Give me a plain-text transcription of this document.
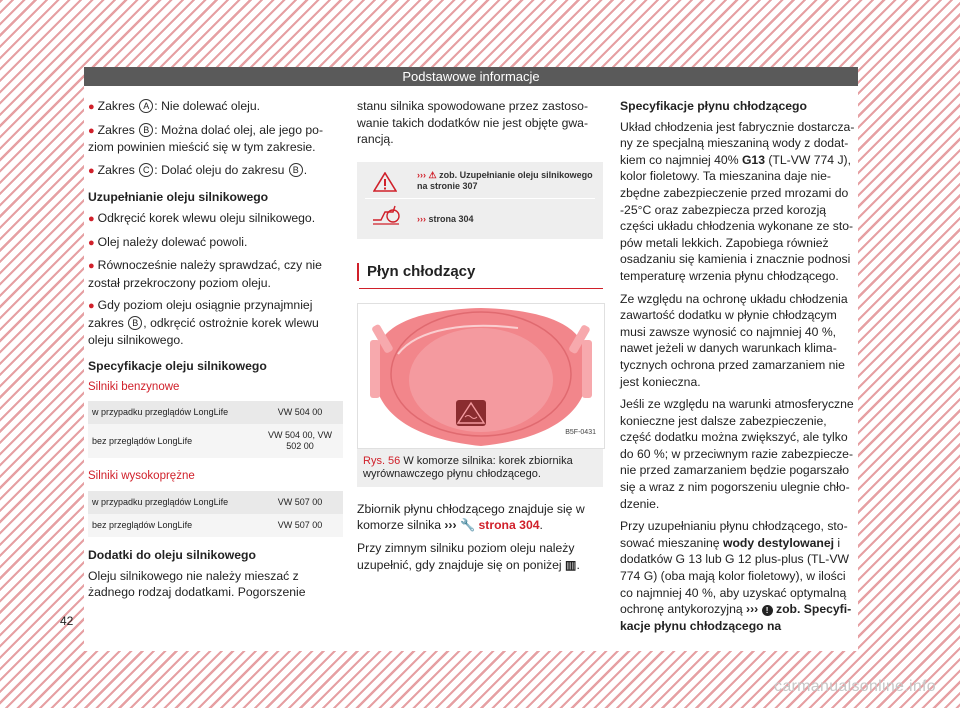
Podstawowe informacje
● Zakres A : Nie dolewać oleju.
● Zakres B : Można dolać olej, ale jego poziom powinien mieścić się w tym zakresie.
● Zakres C : Dolać oleju do zakresu B .
Uzupełnianie oleju silnikowego
● Odkręcić korek wlewu oleju silnikowego.
● Olej należy dolewać powoli.
● Równocześnie należy sprawdzać, czy nie został przekroczony poziom oleju.
● Gdy poziom oleju osiągnie przynajmniej zakres B , odkręcić ostrożnie korek wlewu oleju silnikowego.
Specyfikacje oleju silnikowego
Silniki benzynowe
w przypadku przeglądów LongLife	VW 504 00
bez przeglądów LongLife	VW 504 00, VW 502 00
Silniki wysokoprężne
w przypadku przeglądów LongLife	VW 507 00
bez przeglądów LongLife	VW 507 00
Dodatki do oleju silnikowego

Oleju silnikowego nie należy mieszać z żadnego rodzaj dodatkami. Pogorszenie

stanu silnika spowodowane przez zastosowanie takich dodatków nie jest objęte gwarancją.

››› ⚠ zob. Uzupełnianie oleju silnikowego na stronie 307
››› strona 304
Płyn chłodzący
B5F-0431
Rys. 56 W komorze silnika: korek zbiornika wyrównawczego płynu chłodzącego.

Zbiornik płynu chłodzącego znajduje się w komorze silnika ››› 🔧 strona 304.

Przy zimnym silniku poziom oleju należy uzupełnić, gdy znajduje się on poniżej ▥.

Specyfikacje płynu chłodzącego

Układ chłodzenia jest fabrycznie dostarczany ze specjalną mieszaniną wody z dodatkiem co najmniej 40% G13 (TL-VW 774 J), kolor fioletowy. Ta mieszanina daje niezbędne zabezpieczenie przed mrozami do -25°C oraz zabezpiecza przed korozją części układu chłodzenia wykonane ze stopów metali lekkich. Zapobiega również osadzaniu się kamienia i znacznie podnosi temperaturę wrzenia płynu chłodzącego.

Ze względu na ochronę układu chłodzenia zawartość dodatku w płynie chłodzącym musi zawsze wynosić co najmniej 40 %, nawet jeżeli w danych warunkach klimatycznych ochrona przed zamarzaniem nie jest konieczna.

Jeśli ze względu na warunki atmosferyczne konieczne jest dalsze zabezpieczenie, część dodatku można zwiększyć, ale tylko do 60 %; w przeciwnym razie zabezpieczenie przed zamarzaniem będzie pogarszało się a wraz z nim pogorszeniu ulegnie chłodzenie.

Przy uzupełnianiu płynu chłodzącego, stosować mieszaninę wody destylowanej i dodatków G 13 lub G 12 plus-plus (TL-VW 774 G) (oba mają kolor fioletowy), w ilości co najmniej 40 %, aby uzyskać optymalną ochronę antykorozyjną ››› ! zob. Specyfikacje płynu chłodzącego na

42
carmanualsonline.info
